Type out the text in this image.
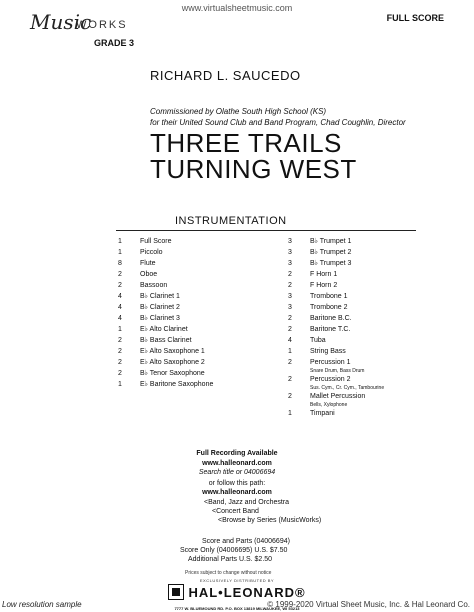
www.virtualsheetmusic.com
Music
WORKS
GRADE 3
FULL SCORE
RICHARD L. SAUCEDO
Commissioned by Olathe South High School (KS)
for their United Sound Club and Band Program, Chad Coughlin, Director
THREE TRAILS
TURNING WEST
INSTRUMENTATION
1	Full Score
1	Piccolo
8	Flute
2	Oboe
2	Bassoon
4	B♭ Clarinet 1
4	B♭ Clarinet 2
4	B♭ Clarinet 3
1	E♭ Alto Clarinet
2	B♭ Bass Clarinet
2	E♭ Alto Saxophone 1
2	E♭ Alto Saxophone 2
2	B♭ Tenor Saxophone
1	E♭ Baritone Saxophone
3	B♭ Trumpet 1
3	B♭ Trumpet 2
3	B♭ Trumpet 3
2	F Horn 1
2	F Horn 2
3	Trombone 1
3	Trombone 2
2	Baritone B.C.
2	Baritone T.C.
4	Tuba
1	String Bass
2	Percussion 1
Snare Drum, Bass Drum
2	Percussion 2
Sus. Cym., Cr. Cym., Tambourine
2	Mallet Percussion
Bells, Xylophone
1	Timpani
Full Recording Available
www.halleonard.com
Search title or 04006694
or follow this path:
www.halleonard.com
<Band, Jazz and Orchestra
<Concert Band
<Browse by Series (MusicWorks)
Score and Parts (04006694)
Score Only (04006695) U.S. $7.50
Additional Parts U.S. $2.50
Prices subject to change without notice
EXCLUSIVELY DISTRIBUTED BY
HAL•LEONARD®
7777 W. BLUEMOUND RD. P.O. BOX 13819 MILWAUKEE, WI 53213
Low resolution sample	© 1999-2020 Virtual Sheet Music, Inc. & Hal Leonard Co.
